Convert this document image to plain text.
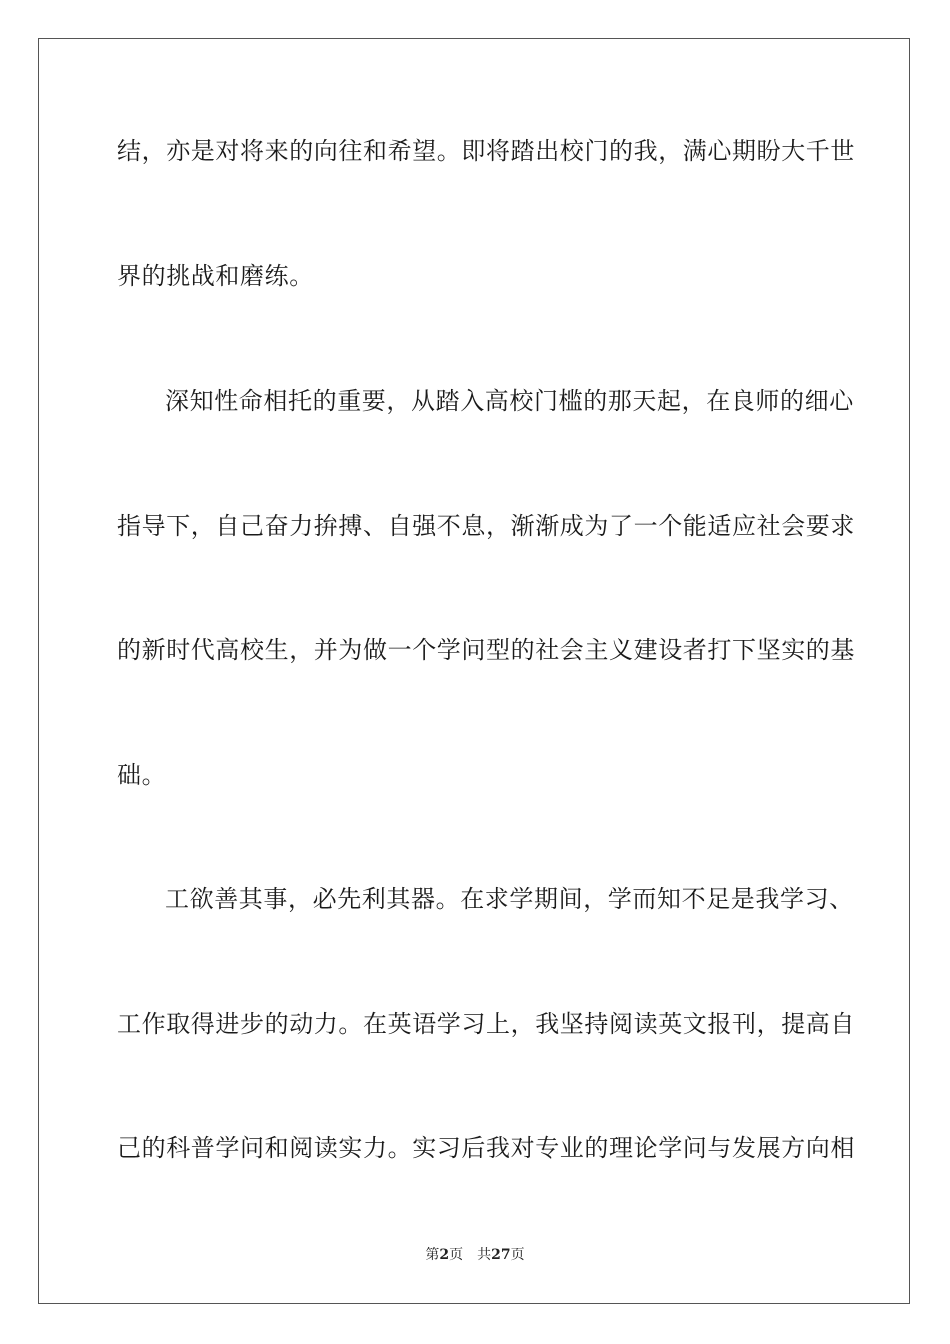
结，亦是对将来的向往和希望。即将踏出校门的我，满心期盼大千世
界的挑战和磨练。
深知性命相托的重要，从踏入高校门槛的那天起，在良师的细心
指导下，自己奋力拚搏、自强不息，渐渐成为了一个能适应社会要求
的新时代高校生，并为做一个学问型的社会主义建设者打下坚实的基
础。
工欲善其事，必先利其器。在求学期间，学而知不足是我学习、
工作取得进步的动力。在英语学习上，我坚持阅读英文报刊，提高自
己的科普学问和阅读实力。实习后我对专业的理论学问与发展方向相
第2页 共27页
